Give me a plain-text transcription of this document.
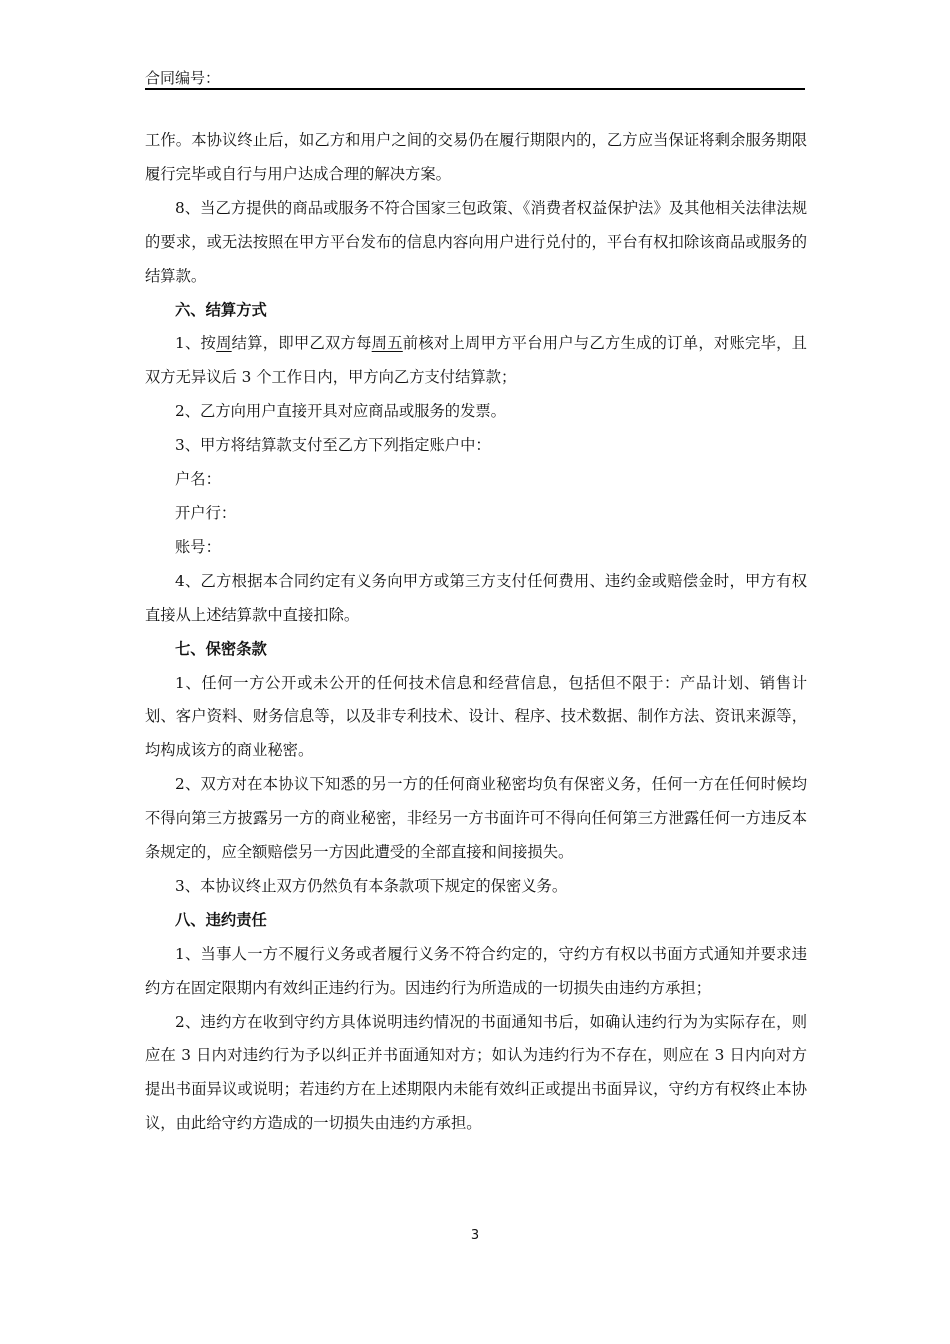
合同编号：

工作。本协议终止后，如乙方和用户之间的交易仍在履行期限内的，乙方应当保证将剩余服务期限履行完毕或自行与用户达成合理的解决方案。

8、当乙方提供的商品或服务不符合国家三包政策、《消费者权益保护法》及其他相关法律法规的要求，或无法按照在甲方平台发布的信息内容向用户进行兑付的，平台有权扣除该商品或服务的结算款。

六、结算方式

1、按周结算，即甲乙双方每周五前核对上周甲方平台用户与乙方生成的订单，对账完毕，且双方无异议后 3 个工作日内，甲方向乙方支付结算款；

2、乙方向用户直接开具对应商品或服务的发票。

3、甲方将结算款支付至乙方下列指定账户中：

户名：

开户行：

账号：

4、乙方根据本合同约定有义务向甲方或第三方支付任何费用、违约金或赔偿金时，甲方有权直接从上述结算款中直接扣除。

七、保密条款

1、任何一方公开或未公开的任何技术信息和经营信息，包括但不限于：产品计划、销售计划、客户资料、财务信息等，以及非专利技术、设计、程序、技术数据、制作方法、资讯来源等，均构成该方的商业秘密。

2、双方对在本协议下知悉的另一方的任何商业秘密均负有保密义务，任何一方在任何时候均不得向第三方披露另一方的商业秘密，非经另一方书面许可不得向任何第三方泄露任何一方违反本条规定的，应全额赔偿另一方因此遭受的全部直接和间接损失。

3、本协议终止双方仍然负有本条款项下规定的保密义务。

八、违约责任

1、当事人一方不履行义务或者履行义务不符合约定的，守约方有权以书面方式通知并要求违约方在固定限期内有效纠正违约行为。因违约行为所造成的一切损失由违约方承担；

2、违约方在收到守约方具体说明违约情况的书面通知书后，如确认违约行为为实际存在，则应在 3 日内对违约行为予以纠正并书面通知对方；如认为违约行为不存在，则应在 3 日内向对方提出书面异议或说明；若违约方在上述期限内未能有效纠正或提出书面异议，守约方有权终止本协议，由此给守约方造成的一切损失由违约方承担。

3
